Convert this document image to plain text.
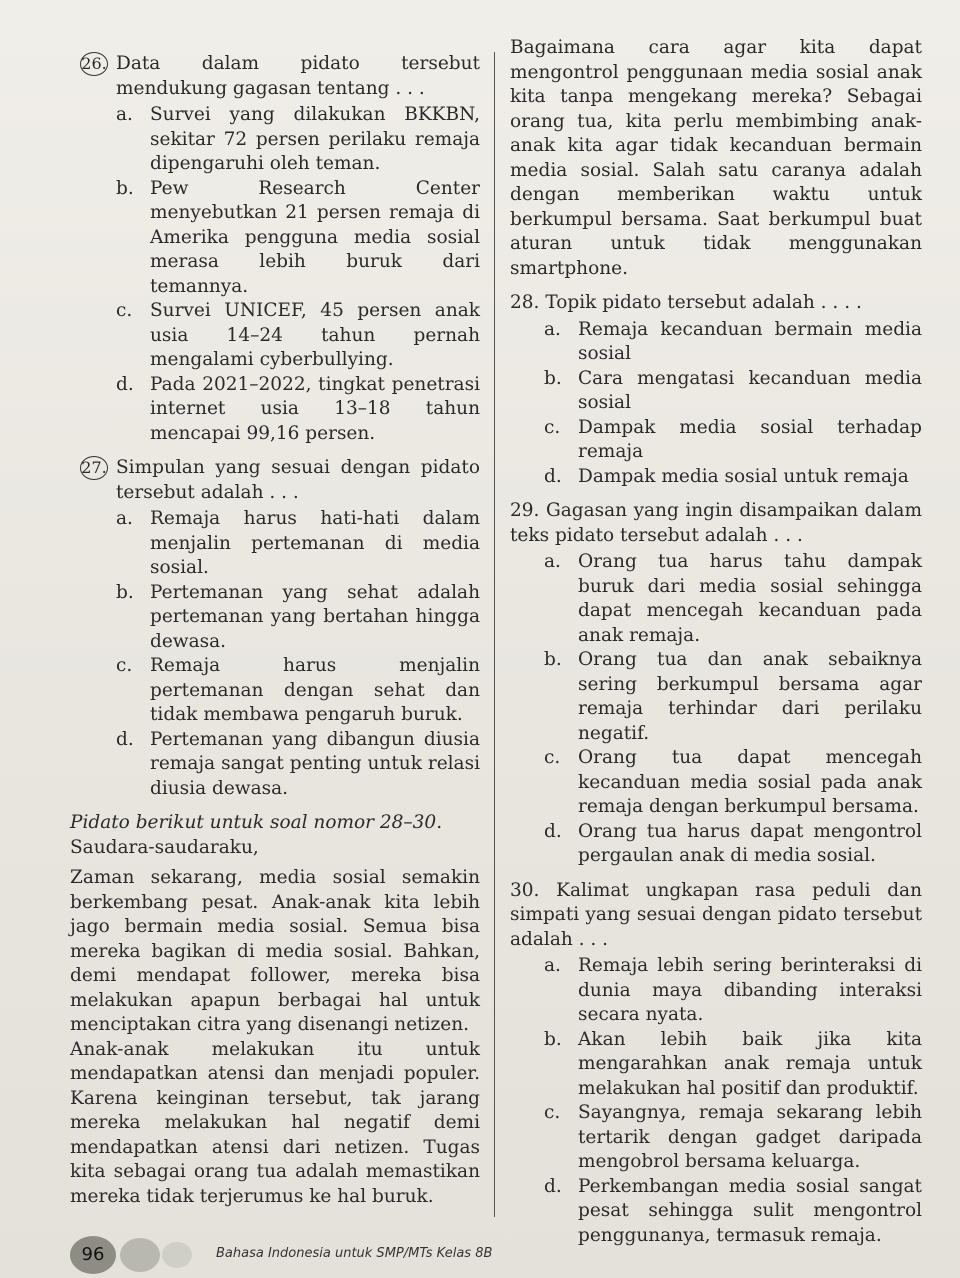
26. Data dalam pidato tersebut mendukung gagasan tentang . . .
a. Survei yang dilakukan BKKBN, sekitar 72 persen perilaku remaja dipengaruhi oleh teman.
b. Pew Research Center menyebutkan 21 persen remaja di Amerika pengguna media sosial merasa lebih buruk dari temannya.
c. Survei UNICEF, 45 persen anak usia 14–24 tahun pernah mengalami cyberbullying.
d. Pada 2021–2022, tingkat penetrasi internet usia 13–18 tahun mencapai 99,16 persen.
27. Simpulan yang sesuai dengan pidato tersebut adalah . . .
a. Remaja harus hati-hati dalam menjalin pertemanan di media sosial.
b. Pertemanan yang sehat adalah pertemanan yang bertahan hingga dewasa.
c. Remaja harus menjalin pertemanan dengan sehat dan tidak membawa pengaruh buruk.
d. Pertemanan yang dibangun diusia remaja sangat penting untuk relasi diusia dewasa.
Pidato berikut untuk soal nomor 28–30.
Saudara-saudaraku,
Zaman sekarang, media sosial semakin berkembang pesat. Anak-anak kita lebih jago bermain media sosial. Semua bisa mereka bagikan di media sosial. Bahkan, demi mendapat follower, mereka bisa melakukan apapun berbagai hal untuk menciptakan citra yang disenangi netizen.
Anak-anak melakukan itu untuk mendapatkan atensi dan menjadi populer. Karena keinginan tersebut, tak jarang mereka melakukan hal negatif demi mendapatkan atensi dari netizen. Tugas kita sebagai orang tua adalah memastikan mereka tidak terjerumus ke hal buruk.
Bagaimana cara agar kita dapat mengontrol penggunaan media sosial anak kita tanpa mengekang mereka? Sebagai orang tua, kita perlu membimbing anak-anak kita agar tidak kecanduan bermain media sosial. Salah satu caranya adalah dengan memberikan waktu untuk berkumpul bersama. Saat berkumpul buat aturan untuk tidak menggunakan smartphone.
28. Topik pidato tersebut adalah . . . .
a. Remaja kecanduan bermain media sosial
b. Cara mengatasi kecanduan media sosial
c. Dampak media sosial terhadap remaja
d. Dampak media sosial untuk remaja
29. Gagasan yang ingin disampaikan dalam teks pidato tersebut adalah . . .
a. Orang tua harus tahu dampak buruk dari media sosial sehingga dapat mencegah kecanduan pada anak remaja.
b. Orang tua dan anak sebaiknya sering berkumpul bersama agar remaja terhindar dari perilaku negatif.
c. Orang tua dapat mencegah kecanduan media sosial pada anak remaja dengan berkumpul bersama.
d. Orang tua harus dapat mengontrol pergaulan anak di media sosial.
30. Kalimat ungkapan rasa peduli dan simpati yang sesuai dengan pidato tersebut adalah . . .
a. Remaja lebih sering berinteraksi di dunia maya dibanding interaksi secara nyata.
b. Akan lebih baik jika kita mengarahkan anak remaja untuk melakukan hal positif dan produktif.
c. Sayangnya, remaja sekarang lebih tertarik dengan gadget daripada mengobrol bersama keluarga.
d. Perkembangan media sosial sangat pesat sehingga sulit mengontrol penggunanya, termasuk remaja.
96	Bahasa Indonesia untuk SMP/MTs Kelas 8B
